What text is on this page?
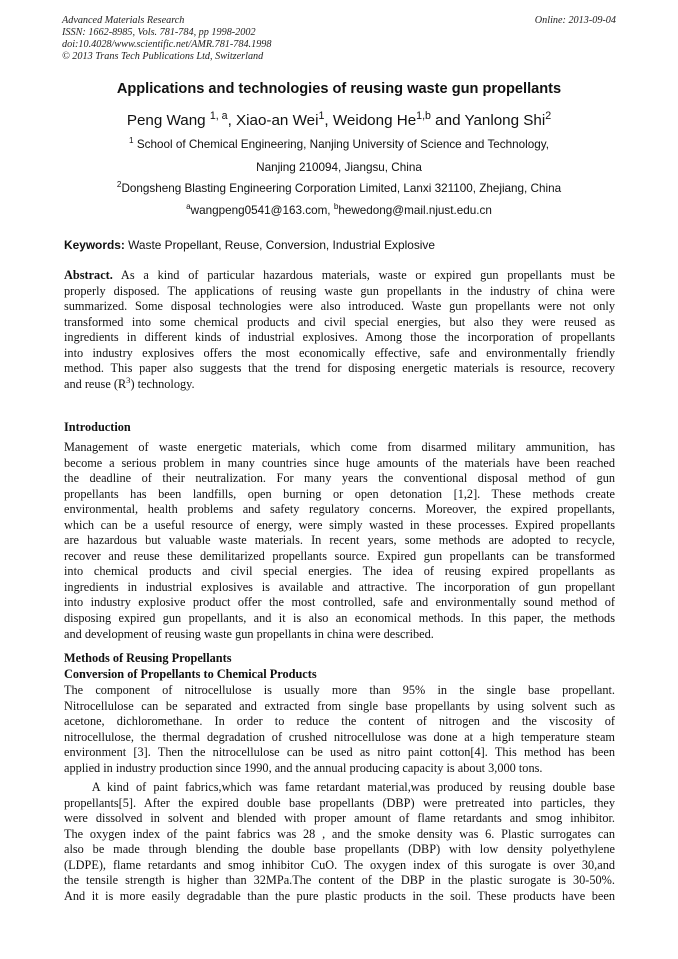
Advanced Materials Research
ISSN: 1662-8985, Vols. 781-784, pp 1998-2002
doi:10.4028/www.scientific.net/AMR.781-784.1998
© 2013 Trans Tech Publications Ltd, Switzerland
Online: 2013-09-04
Applications and technologies of reusing waste gun propellants
Peng Wang $^{1, a}$, Xiao-an Wei$^1$, Weidong He$^{1,b}$ and Yanlong Shi$^2$
$^1$ School of Chemical Engineering, Nanjing University of Science and Technology,
Nanjing 210094, Jiangsu, China
$^2$Dongsheng Blasting Engineering Corporation Limited, Lanxi 321100, Zhejiang, China
$^a$wangpeng0541@163.com, $^b$hewedong@mail.njust.edu.cn
Keywords: Waste Propellant, Reuse, Conversion, Industrial Explosive
Abstract. As a kind of particular hazardous materials, waste or expired gun propellants must be
properly disposed. The applications of reusing waste gun propellants in the industry of china were
summarized. Some disposal technologies were also introduced. Waste gun propellants were not only
transformed into some chemical products and civil special energies, but also they were reused as
ingredients in different kinds of industrial explosives. Among those the incorporation of propellants
into industry explosives offers the most economically effective, safe and environmentally friendly
method. This paper also suggests that the trend for disposing energetic materials is resource, recovery
and reuse $(R^3)$ technology.
Introduction
Management of waste energetic materials, which come from disarmed military ammunition, has
become a serious problem in many countries since huge amounts of the materials have been reached
the deadline of their neutralization. For many years the conventional disposal method of gun
propellants has been landfills, open burning or open detonation [1,2]. These methods create
environmental, health problems and safety regulatory concerns. Moreover, the expired propellants,
which can be a useful resource of energy, were simply wasted in these processes. Expired propellants
are hazardous but valuable waste materials. In recent years, some methods are adopted to recycle,
recover and reuse these demilitarized propellants source. Expired gun propellants can be transformed
into chemical products and civil special energies. The idea of reusing expired propellants as
ingredients in industrial explosives is available and attractive. The incorporation of gun propellant
into industry explosive product offer the most controlled, safe and environmentally sound method of
disposing expired gun propellants, and it is also an economical methods. In this paper, the methods
and development of reusing waste gun propellants in china were described.
Methods of Reusing Propellants
Conversion of Propellants to Chemical Products
The component of nitrocellulose is usually more than 95% in the single base propellant.
Nitrocellulose can be separated and extracted from single base propellants by using solvent such as
acetone, dichloromethane. In order to reduce the content of nitrogen and the viscosity of
nitrocellulose, the thermal degradation of crushed nitrocellulose was done at a high temperature steam
environment [3]. Then the nitrocellulose can be used as nitro paint cotton[4]. This method has been
applied in industry production since 1990, and the annual producing capacity is about 3,000 tons.
A kind of paint fabrics,which was fame retardant material,was produced by reusing double base
propellants[5]. After the expired double base propellants (DBP) were pretreated into particles, they
were dissolved in solvent and blended with proper amount of flame retardants and smog inhibitor.
The oxygen index of the paint fabrics was 28 , and the smoke density was 6. Plastic surrogates can
also be made through blending the double base propellants (DBP) with low density polyethylene
(LDPE), flame retardants and smog inhibitor CuO. The oxygen index of this surogate is over 30,and
the tensile strength is higher than 32MPa.The content of the DBP in the plastic surogate is 30-50%.
And it is more easily degradable than the pure plastic products in the soil. These products have been
